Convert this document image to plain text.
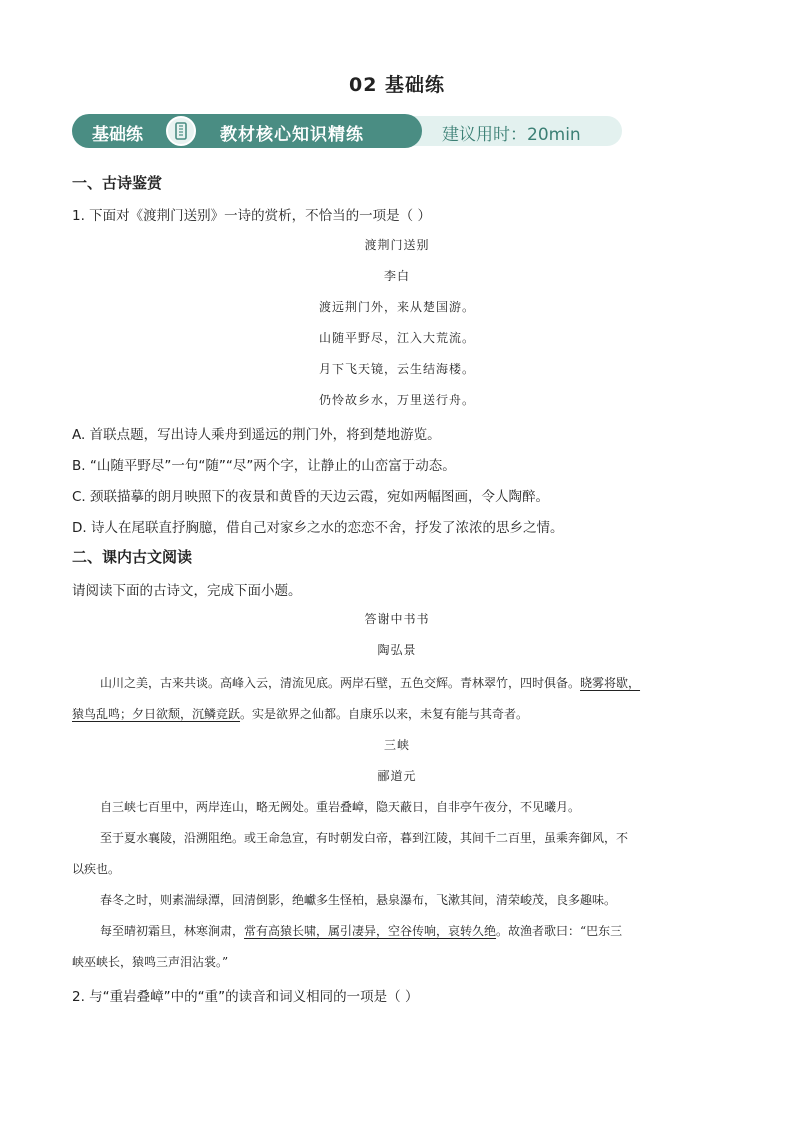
02 基础练
基础练	教材核心知识精练	建议用时：20min
一、古诗鉴赏
1. 下面对《渡荆门送别》一诗的赏析，不恰当的一项是（ ）
渡荆门送别
李白
渡远荆门外，来从楚国游。
山随平野尽，江入大荒流。
月下飞天镜，云生结海楼。
仍怜故乡水，万里送行舟。
A. 首联点题，写出诗人乘舟到遥远的荆门外，将到楚地游览。
B. “山随平野尽”一句“随”“尽”两个字，让静止的山峦富于动态。
C. 颈联描摹的朗月映照下的夜景和黄昏的天边云霞，宛如两幅图画，令人陶醉。
D. 诗人在尾联直抒胸臆，借自己对家乡之水的恋恋不舍，抒发了浓浓的思乡之情。
二、课内古文阅读
请阅读下面的古诗文，完成下面小题。
答谢中书书
陶弘景
山川之美，古来共谈。高峰入云，清流见底。两岸石壁，五色交辉。青林翠竹，四时俱备。晓雾将歇，
猿鸟乱鸣；夕日欲颓，沉鳞竞跃。实是欲界之仙都。自康乐以来，未复有能与其奇者。
三峡
郦道元
自三峡七百里中，两岸连山，略无阙处。重岩叠嶂，隐天蔽日，自非亭午夜分，不见曦月。
至于夏水襄陵，沿溯阻绝。或王命急宣，有时朝发白帝，暮到江陵，其间千二百里，虽乘奔御风，不
以疾也。
春冬之时，则素湍绿潭，回清倒影，绝巘多生怪柏，悬泉瀑布，飞漱其间，清荣峻茂，良多趣味。
每至晴初霜旦，林寒涧肃，常有高猿长啸，属引凄异，空谷传响，哀转久绝。故渔者歌曰：“巴东三
峡巫峡长，猿鸣三声泪沾裳。”
2. 与“重岩叠嶂”中的“重”的读音和词义相同的一项是（ ）
